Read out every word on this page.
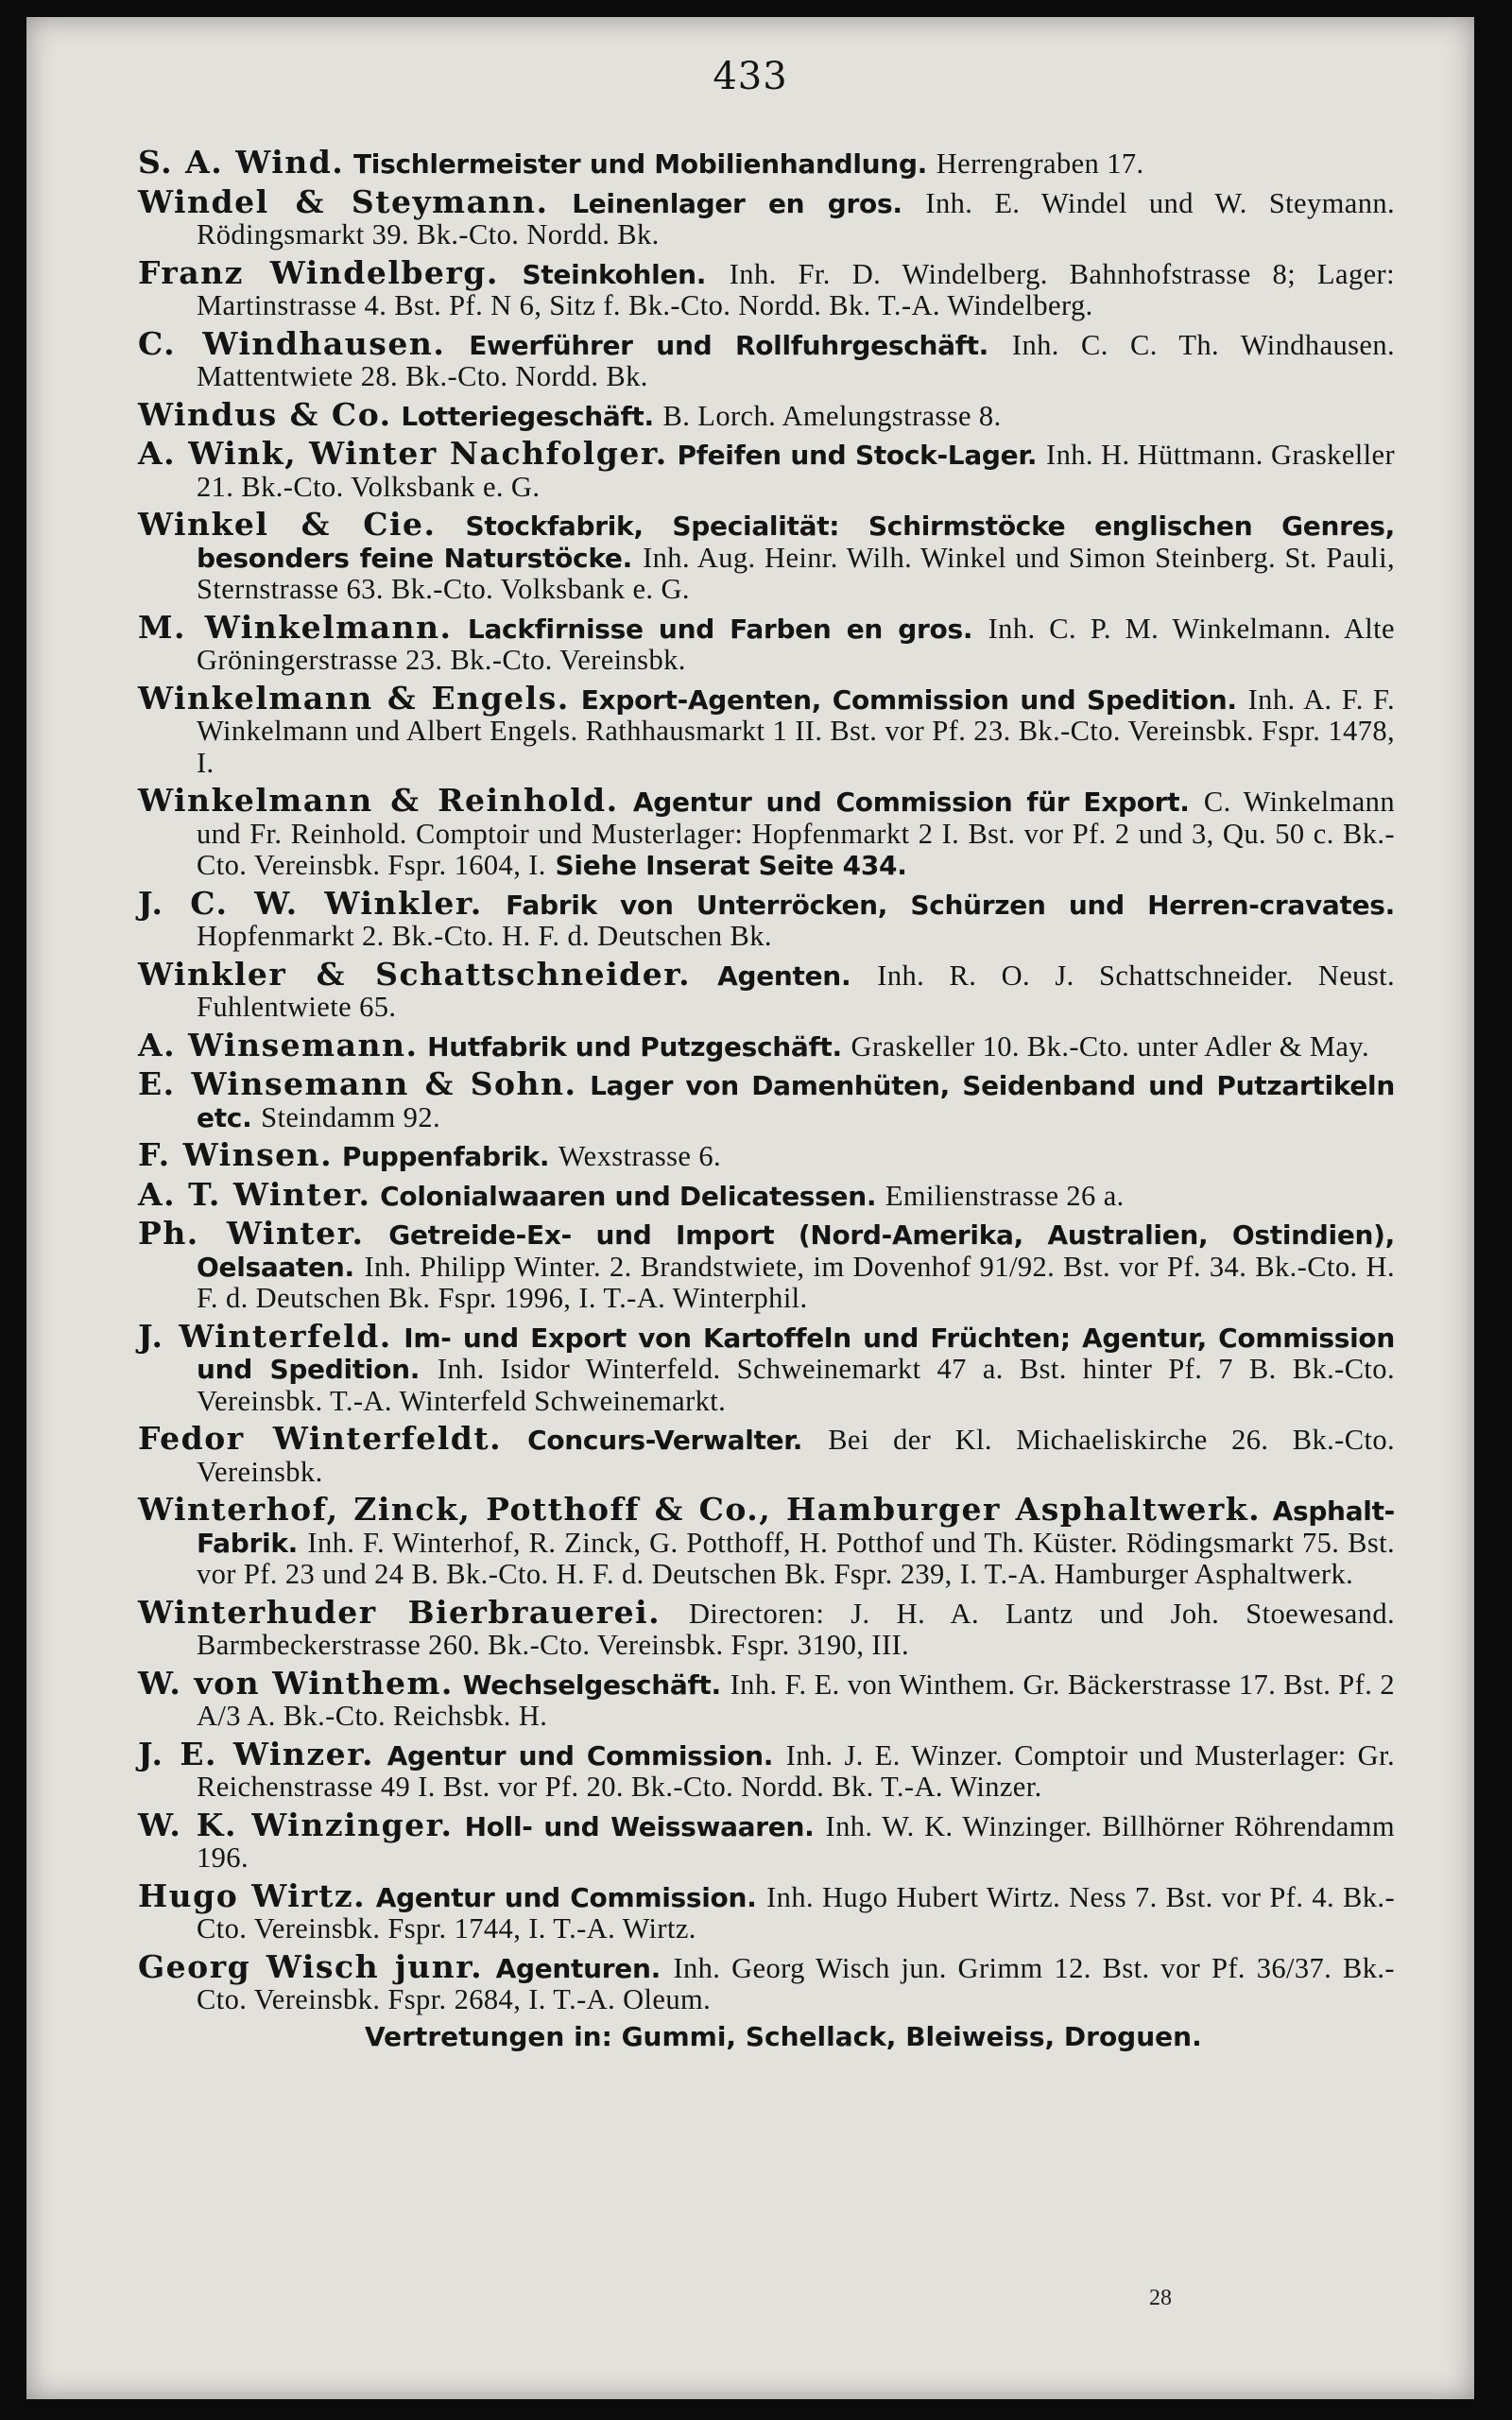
433

S. A. Wind. Tischlermeister und Mobilienhandlung. Herrengraben 17.

Windel & Steymann. Leinenlager en gros. Inh. E. Windel und W. Steymann. Rödingsmarkt 39. Bk.-Cto. Nordd. Bk.

Franz Windelberg. Steinkohlen. Inh. Fr. D. Windelberg. Bahnhofstrasse 8; Lager: Martinstrasse 4. Bst. Pf. N 6, Sitz f. Bk.-Cto. Nordd. Bk. T.-A. Windelberg.

C. Windhausen. Ewerführer und Rollfuhrgeschäft. Inh. C. C. Th. Windhausen. Mattentwiete 28. Bk.-Cto. Nordd. Bk.

Windus & Co. Lotteriegeschäft. B. Lorch. Amelungstrasse 8.

A. Wink, Winter Nachfolger. Pfeifen und Stock-Lager. Inh. H. Hüttmann. Graskeller 21. Bk.-Cto. Volksbank e. G.

Winkel & Cie. Stockfabrik, Specialität: Schirmstöcke englischen Genres, besonders feine Naturstöcke. Inh. Aug. Heinr. Wilh. Winkel und Simon Steinberg. St. Pauli, Sternstrasse 63. Bk.-Cto. Volksbank e. G.

M. Winkelmann. Lackfirnisse und Farben en gros. Inh. C. P. M. Winkelmann. Alte Gröningerstrasse 23. Bk.-Cto. Vereinsbk.

Winkelmann & Engels. Export-Agenten, Commission und Spedition. Inh. A. F. F. Winkelmann und Albert Engels. Rathhausmarkt 1 II. Bst. vor Pf. 23. Bk.-Cto. Vereinsbk. Fspr. 1478, I.

Winkelmann & Reinhold. Agentur und Commission für Export. C. Winkelmann und Fr. Reinhold. Comptoir und Musterlager: Hopfenmarkt 2 I. Bst. vor Pf. 2 und 3, Qu. 50 c. Bk.-Cto. Vereinsbk. Fspr. 1604, I. Siehe Inserat Seite 434.

J. C. W. Winkler. Fabrik von Unterröcken, Schürzen und Herren-cravates. Hopfenmarkt 2. Bk.-Cto. H. F. d. Deutschen Bk.

Winkler & Schattschneider. Agenten. Inh. R. O. J. Schattschneider. Neust. Fuhlentwiete 65.

A. Winsemann. Hutfabrik und Putzgeschäft. Graskeller 10. Bk.-Cto. unter Adler & May.

E. Winsemann & Sohn. Lager von Damenhüten, Seidenband und Putzartikeln etc. Steindamm 92.

F. Winsen. Puppenfabrik. Wexstrasse 6.

A. T. Winter. Colonialwaaren und Delicatessen. Emilienstrasse 26 a.

Ph. Winter. Getreide-Ex- und Import (Nord-Amerika, Australien, Ostindien), Oelsaaten. Inh. Philipp Winter. 2. Brandstwiete, im Dovenhof 91/92. Bst. vor Pf. 34. Bk.-Cto. H. F. d. Deutschen Bk. Fspr. 1996, I. T.-A. Winterphil.

J. Winterfeld. Im- und Export von Kartoffeln und Früchten; Agentur, Commission und Spedition. Inh. Isidor Winterfeld. Schweinemarkt 47 a. Bst. hinter Pf. 7 B. Bk.-Cto. Vereinsbk. T.-A. Winterfeld Schweinemarkt.

Fedor Winterfeldt. Concurs-Verwalter. Bei der Kl. Michaeliskirche 26. Bk.-Cto. Vereinsbk.

Winterhof, Zinck, Potthoff & Co., Hamburger Asphaltwerk. Asphalt-Fabrik. Inh. F. Winterhof, R. Zinck, G. Potthoff, H. Potthof und Th. Küster. Rödingsmarkt 75. Bst. vor Pf. 23 und 24 B. Bk.-Cto. H. F. d. Deutschen Bk. Fspr. 239, I. T.-A. Hamburger Asphaltwerk.

Winterhuder Bierbrauerei. Directoren: J. H. A. Lantz und Joh. Stoewesand. Barmbeckerstrasse 260. Bk.-Cto. Vereinsbk. Fspr. 3190, III.

W. von Winthem. Wechselgeschäft. Inh. F. E. von Winthem. Gr. Bäckerstrasse 17. Bst. Pf. 2 A/3 A. Bk.-Cto. Reichsbk. H.

J. E. Winzer. Agentur und Commission. Inh. J. E. Winzer. Comptoir und Musterlager: Gr. Reichenstrasse 49 I. Bst. vor Pf. 20. Bk.-Cto. Nordd. Bk. T.-A. Winzer.

W. K. Winzinger. Holl- und Weisswaaren. Inh. W. K. Winzinger. Billhörner Röhrendamm 196.

Hugo Wirtz. Agentur und Commission. Inh. Hugo Hubert Wirtz. Ness 7. Bst. vor Pf. 4. Bk.-Cto. Vereinsbk. Fspr. 1744, I. T.-A. Wirtz.

Georg Wisch junr. Agenturen. Inh. Georg Wisch jun. Grimm 12. Bst. vor Pf. 36/37. Bk.-Cto. Vereinsbk. Fspr. 2684, I. T.-A. Oleum.

Vertretungen in: Gummi, Schellack, Bleiweiss, Droguen.
28
